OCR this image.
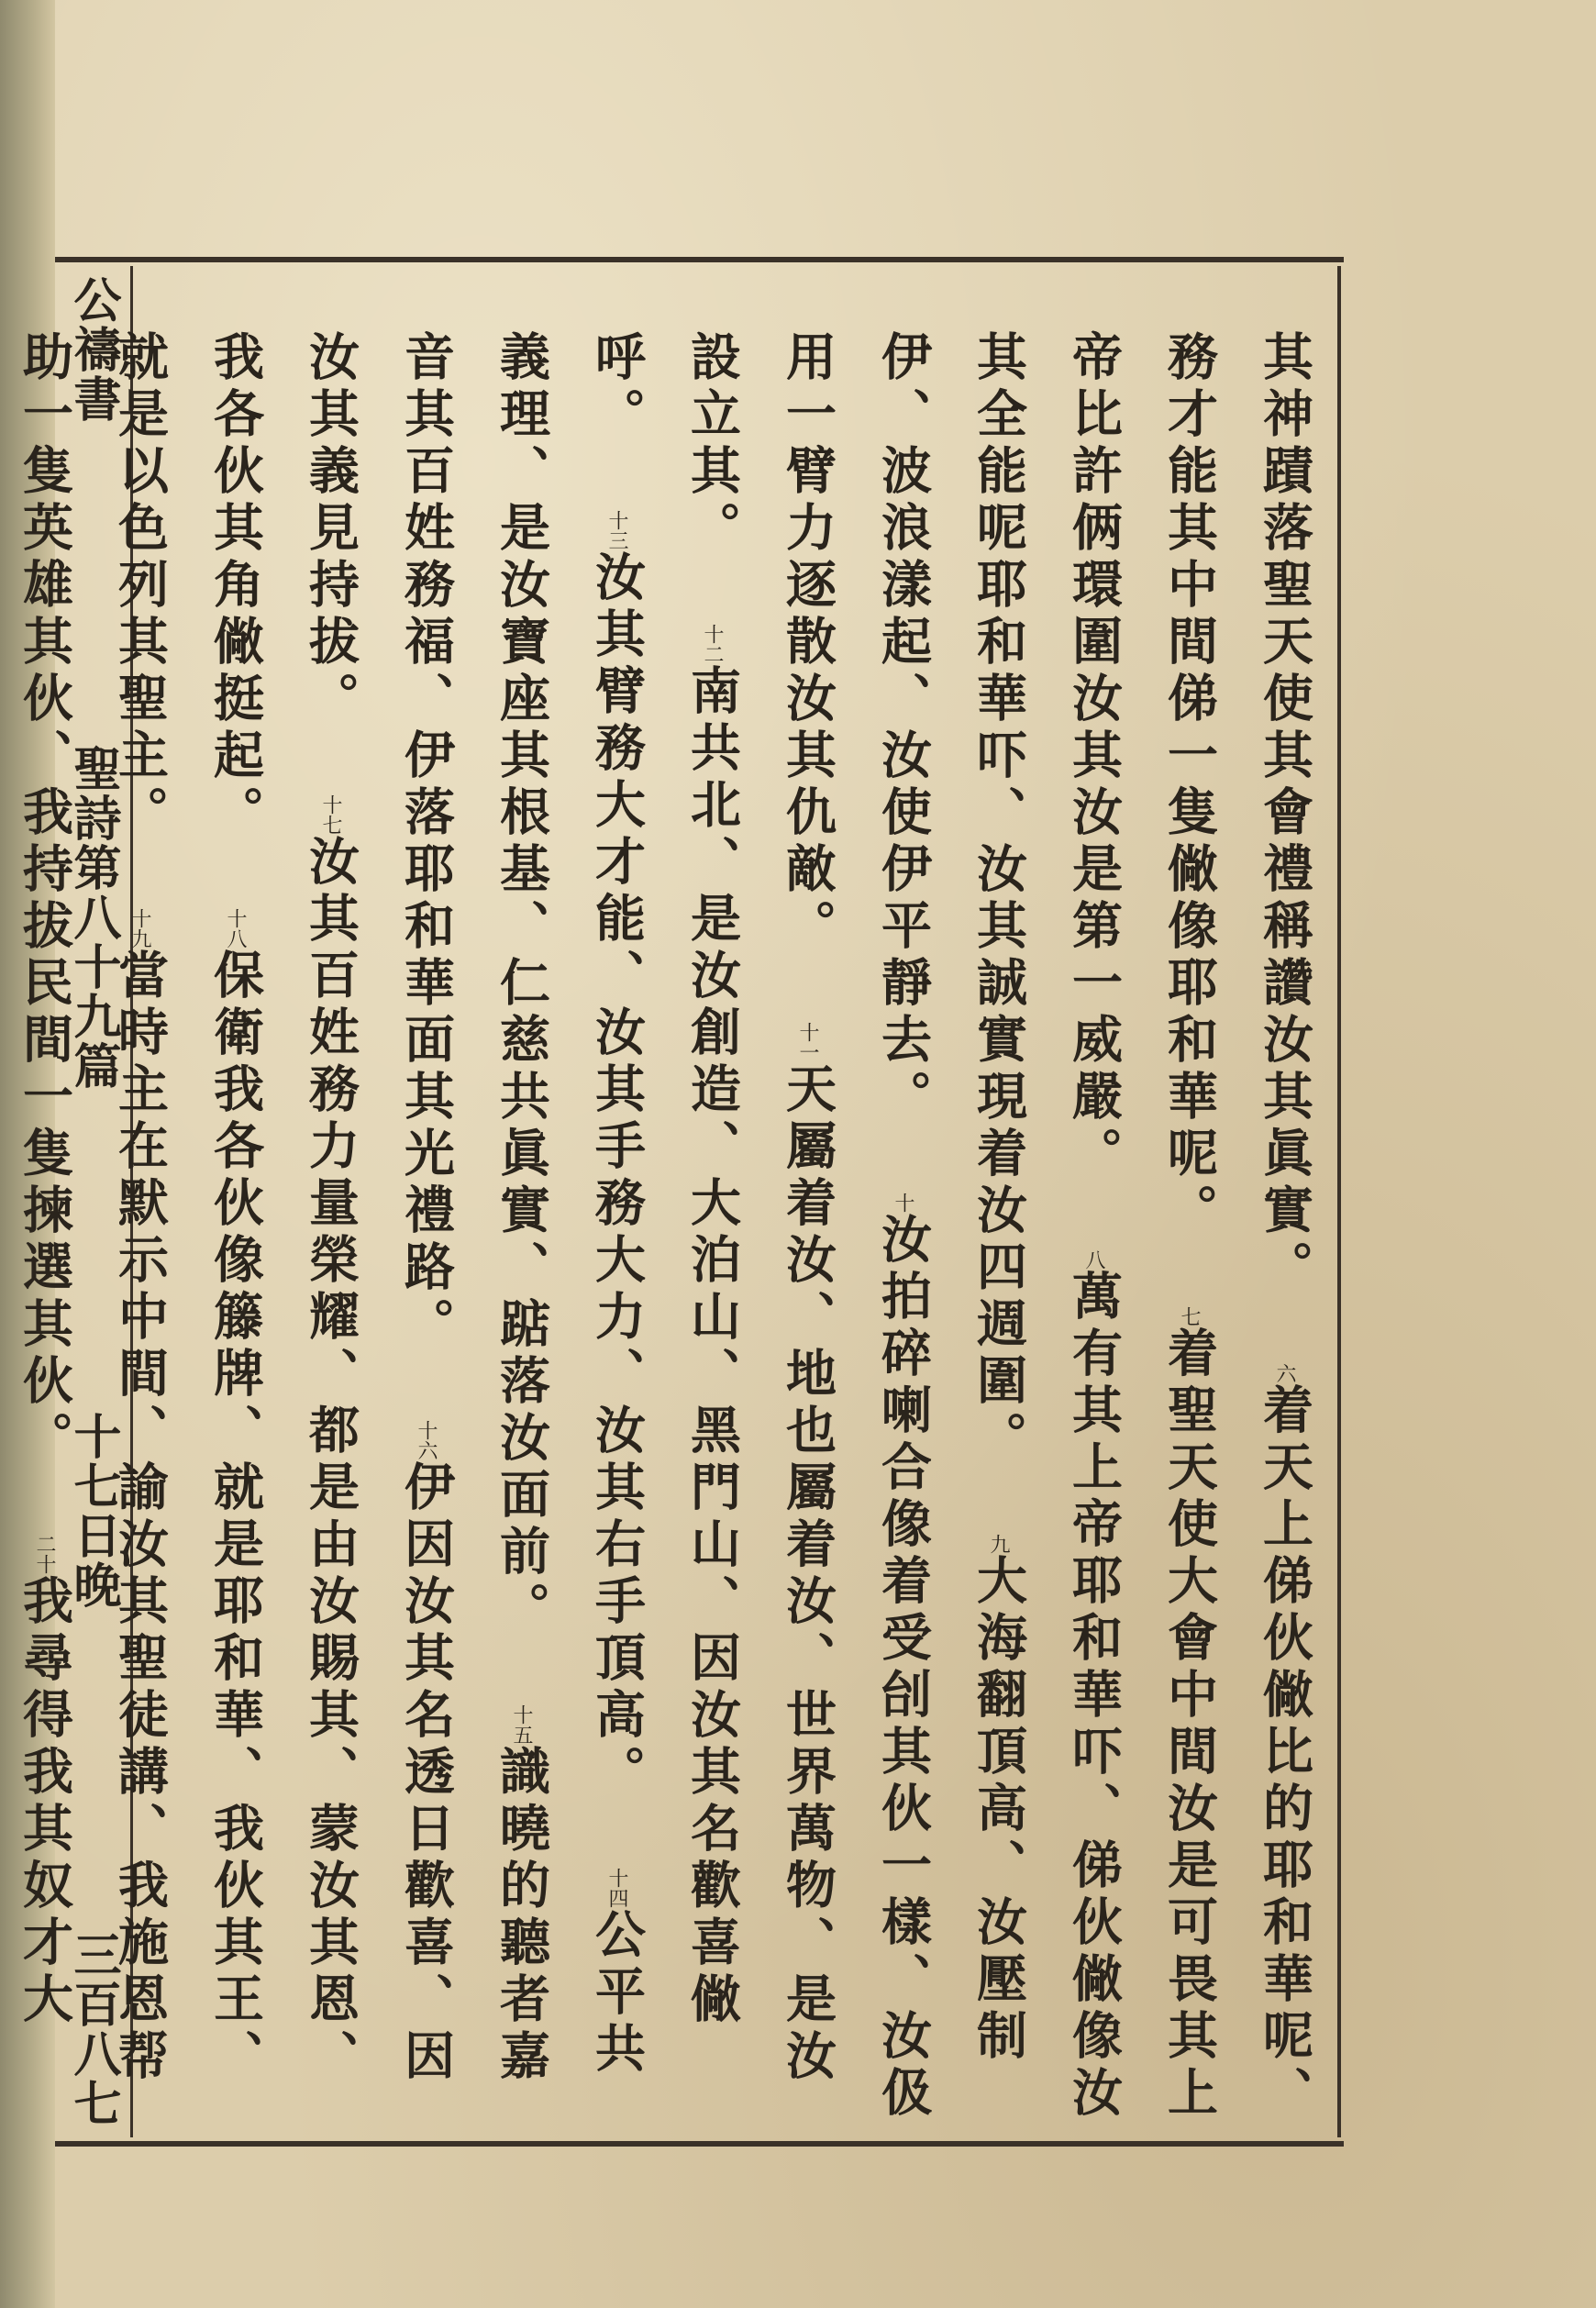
公禱書
聖詩第八十九篇
十七日晚
三百八七
其神蹟落聖天使其會禮稱讚汝其眞實。 六着天上俤伙僘比的耶和華呢、務才能其中間俤一隻僘像耶和華呢。 七着聖天使大會中間汝是可畏其上帝比許俩環圍汝其汝是第一威嚴。 八萬有其上帝耶和華吓、俤伙僘像汝其全能呢耶和華吓、汝其誠實現着汝四週圍。 九大海翻頂高、汝壓制伊、波浪漾起、汝使伊平靜去。 十汝拍碎喇合像着受刣其伙一樣、汝伋用一臂力逐散汝其仇敵。 十一天屬着汝、地也屬着汝、世界萬物、是汝設立其。 十二南共北、是汝創造、大泊山、黑門山、因汝其名歡喜僘呼。 十三汝其臂務大才能、汝其手務大力、汝其右手頂高。 十四公平共義理、是汝寶座其根基、仁慈共眞實、踮落汝面前。 十五識曉的聽者嘉音其百姓務福、伊落耶和華面其光禮路。 十六伊因汝其名透日歡喜、因汝其義見持拔。 十七汝其百姓務力量榮耀、都是由汝賜其、蒙汝其恩、我各伙其角僘挺起。 十八保衛我各伙像籐牌、就是耶和華、我伙其王、就是以色列其聖主。 十九當時主在默示中間、諭汝其聖徒講、我施恩帮助一隻英雄其伙、我持拔民間一隻揀選其伙。 二十我尋得我其奴才大
